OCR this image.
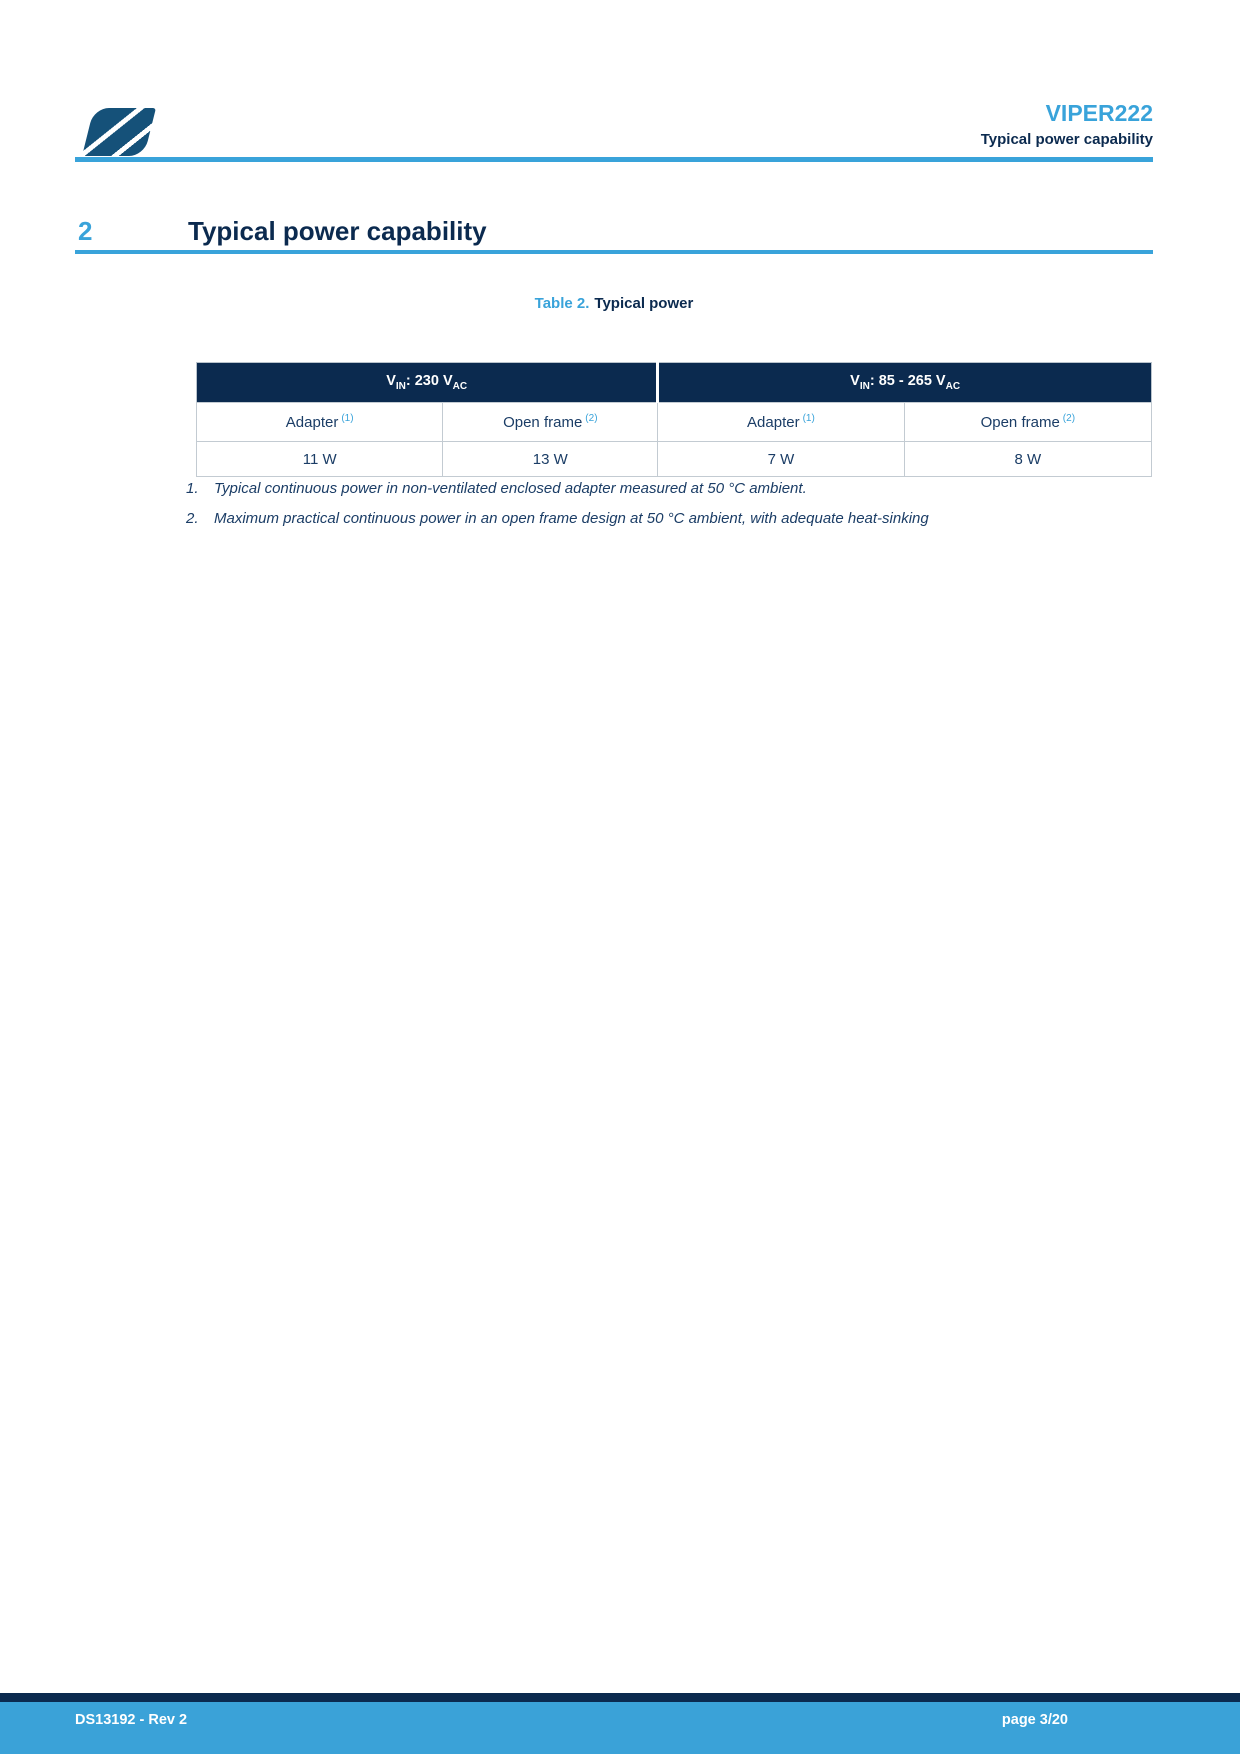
VIPER222
Typical power capability
2	Typical power capability
Table 2. Typical power
$V_{IN}$: 230 $V_{AC}$		$V_{IN}$: 85 - 265 $V_{AC}$
Adapter $^{(1)}$	Open frame $^{(2)}$	Adapter $^{(1)}$	Open frame $^{(2)}$
11 W	13 W	7 W	8 W
1. Typical continuous power in non-ventilated enclosed adapter measured at 50 °C ambient.
2. Maximum practical continuous power in an open frame design at 50 °C ambient, with adequate heat-sinking
DS13192 - Rev 2	page 3/20
